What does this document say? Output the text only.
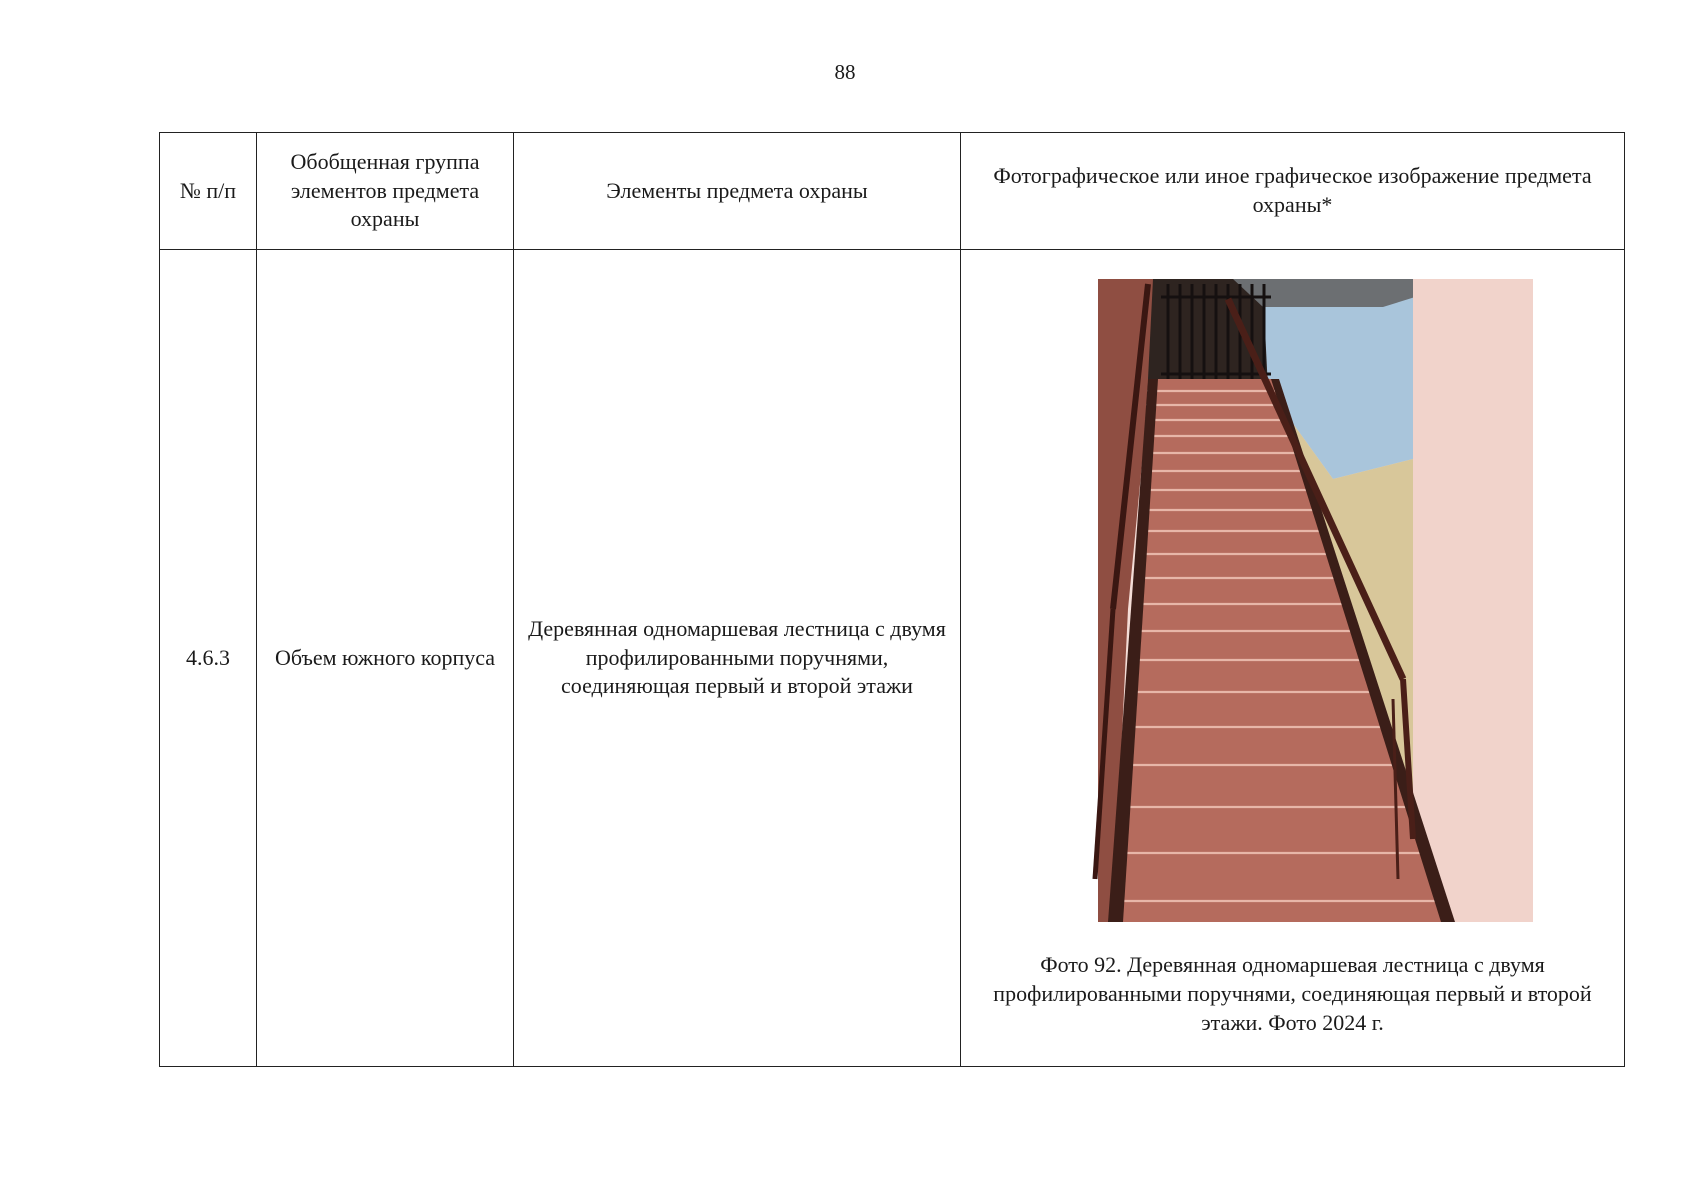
88
№ п/п	Обобщенная группа элементов предмета охраны	Элементы предмета охраны	Фотографическое или иное графическое изображение предмета охраны*
4.6.3	Объем южного корпуса	Деревянная одномаршевая лестница с двумя профилированными поручнями, соединяющая первый и второй этажи	Фото 92. Деревянная одномаршевая лестница с двумя профилированными поручнями, соединяющая первый и второй этажи. Фото 2024 г.
